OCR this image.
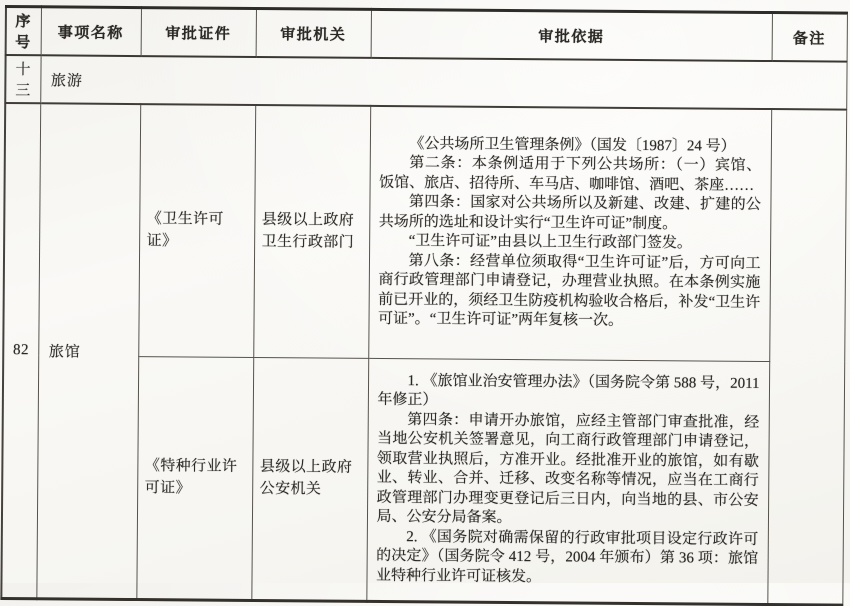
序号	事项名称	审批证件	审批机关	审批依据	备注
十三	旅游				
82	旅馆	《卫生许可证》	县级以上政府卫生行政部门	《公共场所卫生管理条例》（国发〔1987〕24 号）

第二条：本条例适用于下列公共场所：（一）宾馆、饭馆、旅店、招待所、车马店、咖啡馆、酒吧、茶座……

第四条：国家对公共场所以及新建、改建、扩建的公共场所的选址和设计实行“卫生许可证”制度。

“卫生许可证”由县以上卫生行政部门签发。

第八条：经营单位须取得“卫生许可证”后，方可向工商行政管理部门申请登记，办理营业执照。在本条例实施前已开业的，须经卫生防疫机构验收合格后，补发“卫生许可证”。“卫生许可证”两年复核一次。	

		《特种行业许可证》	县级以上政府公安机关	1. 《旅馆业治安管理办法》（国务院令第 588 号，2011 年修正）

第四条：申请开办旅馆，应经主管部门审查批准，经当地公安机关签署意见，向工商行政管理部门申请登记，领取营业执照后，方准开业。经批准开业的旅馆，如有歇业、转业、合并、迁移、改变名称等情况，应当在工商行政管理部门办理变更登记后三日内，向当地的县、市公安局、公安分局备案。

2. 《国务院对确需保留的行政审批项目设定行政许可的决定》（国务院令 412 号，2004 年颁布）第 36 项：旅馆业特种行业许可证核发。	
